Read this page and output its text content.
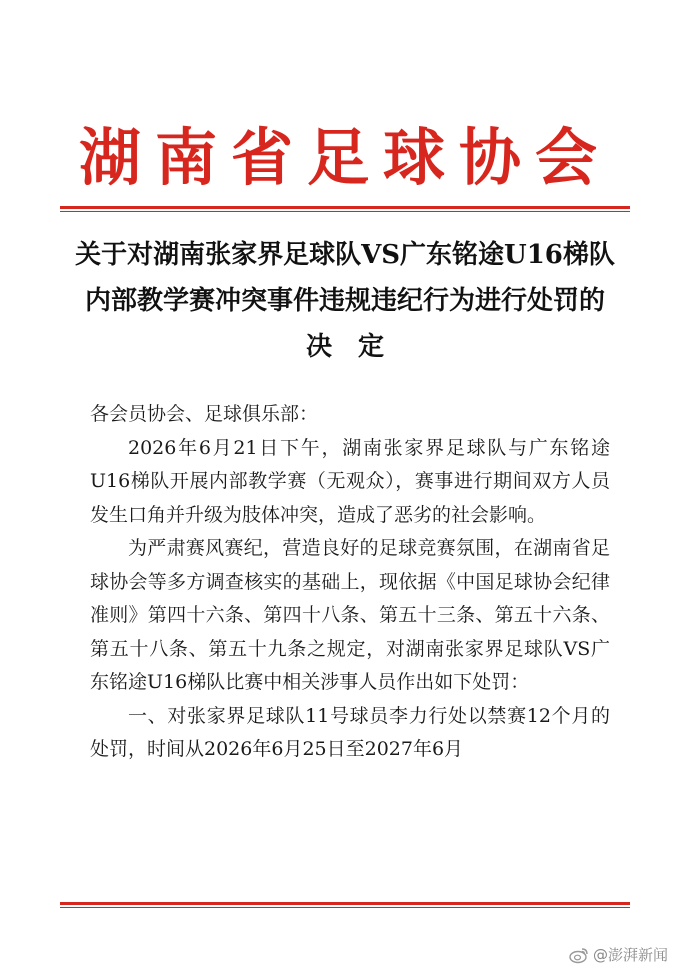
湖南省足球协会
关于对湖南张家界足球队VS广东铭途U16梯队
内部教学赛冲突事件违规违纪行为进行处罚的
决定

各会员协会、足球俱乐部：

2026年6月21日下午，湖南张家界足球队与广东铭途U16梯队开展内部教学赛（无观众），赛事进行期间双方人员发生口角并升级为肢体冲突，造成了恶劣的社会影响。

为严肃赛风赛纪，营造良好的足球竞赛氛围，在湖南省足球协会等多方调查核实的基础上，现依据《中国足球协会纪律准则》第四十六条、第四十八条、第五十三条、第五十六条、第五十八条、第五十九条之规定，对湖南张家界足球队VS广东铭途U16梯队比赛中相关涉事人员作出如下处罚：

一、对张家界足球队11号球员李力行处以禁赛12个月的处罚，时间从2026年6月25日至2027年6月

@澎湃新闻
